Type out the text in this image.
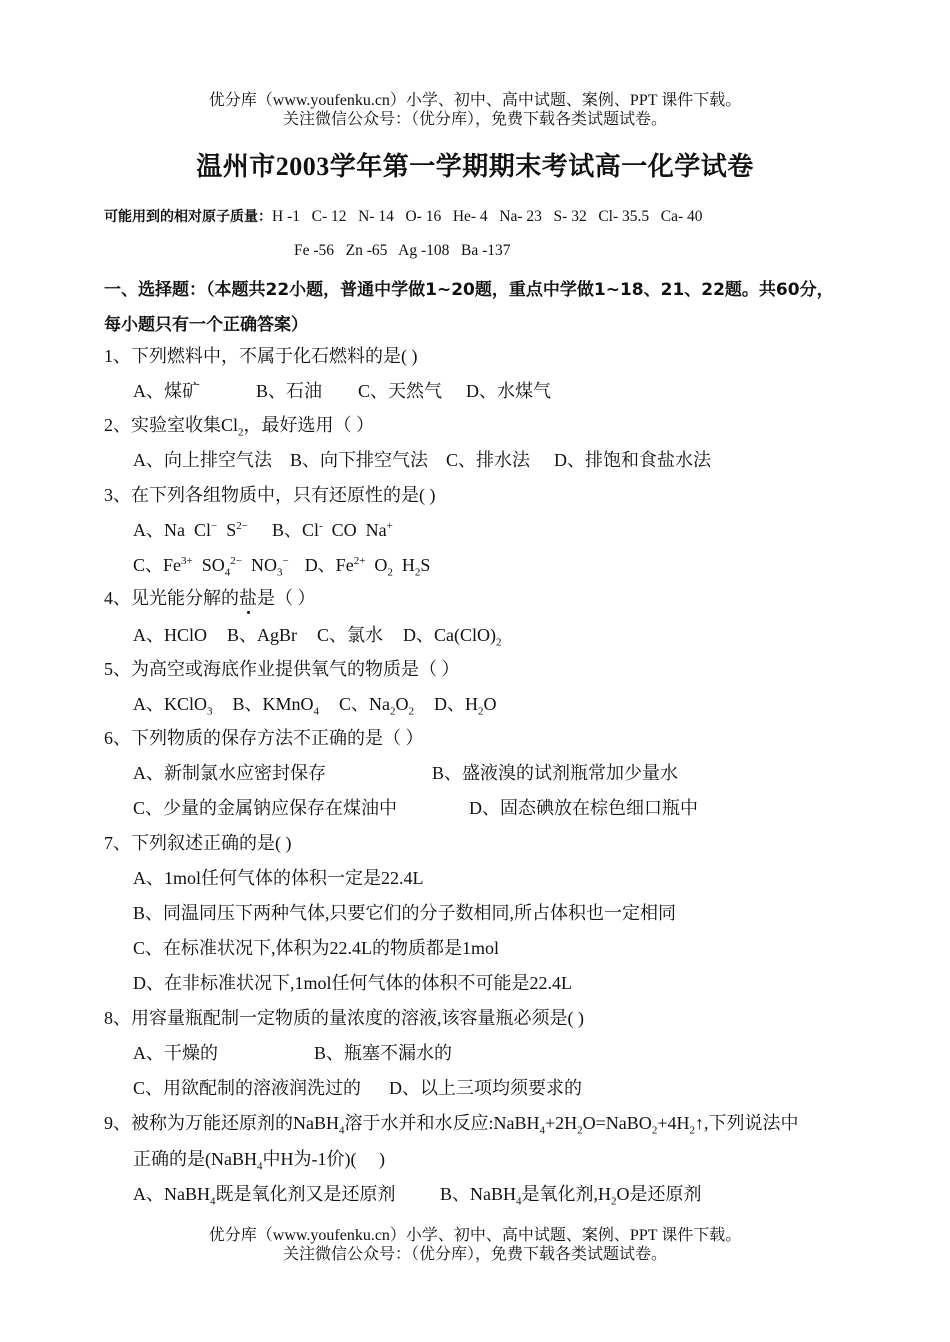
优分库（www.youfenku.cn）小学、初中、高中试题、案例、PPT 课件下载。
关注微信公众号：（优分库），免费下载各类试题试卷。
温州市2003学年第一学期期末考试高一化学试卷
可能用到的相对原子质量：H -1   C- 12   N- 14   O- 16   He- 4   Na- 23   S- 32   Cl- 35.5   Ca- 40
Fe -56   Zn -65   Ag -108   Ba -137
一、选择题：（本题共22小题，普通中学做1~20题，重点中学做1~18、21、22题。共60分，
每小题只有一个正确答案）
1、下列燃料中，不属于化石燃料的是( )
A、煤矿	B、石油 C、天然气 D、水煤气
2、实验室收集$Cl_2$，最好选用（ ）
A、向上排空气法 B、向下排空气法 C、排水法 D、排饱和食盐水法
3、在下列各组物质中，只有还原性的是( )
A、Na  Cl−  $S^{2-}$ B、Cl-  CO  Na+
C、$Fe^{3+}$  $SO_4^{2-}$  $NO_3^-$ D、$Fe^{2+}$  $O_2$  $H_2S$
4、见光能分解的盐是（ ）
A、HClO B、AgBr C、氯水 D、$Ca(ClO)_2$
5、为高空或海底作业提供氧气的物质是（ ）
A、KClO$_3$ B、KMnO$_4$ C、$Na_2O_2$ D、$H_2O$
6、下列物质的保存方法不正确的是（ ）
A、新制氯水应密封保存	B、盛液溴的试剂瓶常加少量水
C、少量的金属钠应保存在煤油中	D、固态碘放在棕色细口瓶中
7、下列叙述正确的是( )
A、1mol任何气体的体积一定是22.4L
B、同温同压下两种气体,只要它们的分子数相同,所占体积也一定相同
C、在标准状况下,体积为22.4L的物质都是1mol
D、在非标准状况下,1mol任何气体的体积不可能是22.4L
8、用容量瓶配制一定物质的量浓度的溶液,该容量瓶必须是( )
A、干燥的	B、瓶塞不漏水的
C、用欲配制的溶液润洗过的 D、以上三项均须要求的
9、被称为万能还原剂的NaBH$_4$溶于水并和水反应$:NaBH_4+2H_2O=NaBO_2+4H_2↑$,下列说法中
正确的是(NaBH$_4$中H为-1价)(     )
A、NaBH$_4$既是氧化剂又是还原剂 B、NaBH$_4$是氧化剂$,H_2O$是还原剂
优分库（www.youfenku.cn）小学、初中、高中试题、案例、PPT 课件下载。
关注微信公众号：（优分库），免费下载各类试题试卷。
